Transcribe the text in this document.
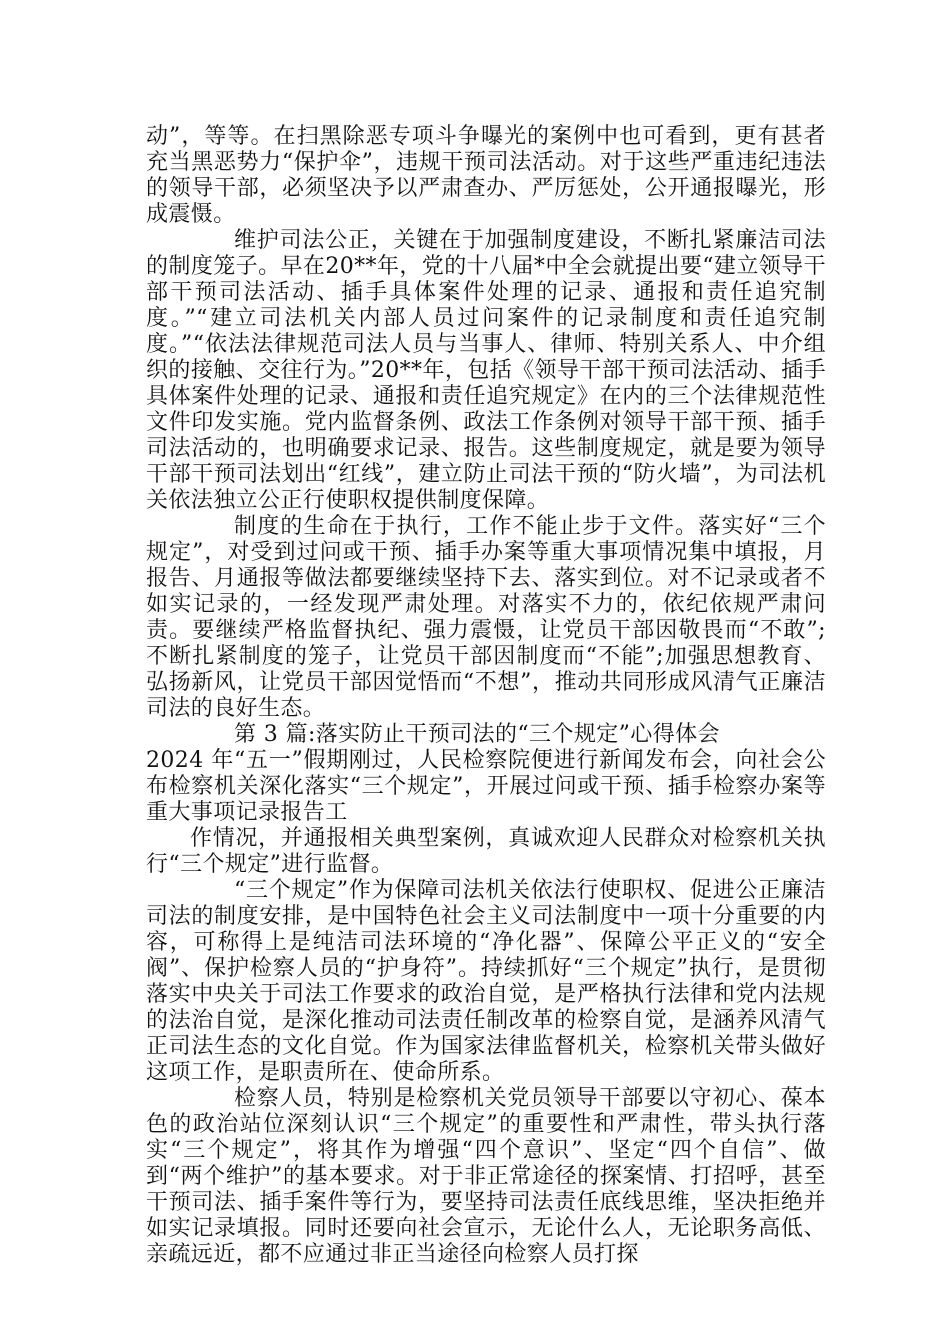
动”，等等。在扫黑除恶专项斗争曝光的案例中也可看到，更有甚者充当黑恶势力“保护伞”，违规干预司法活动。对于这些严重违纪违法的领导干部，必须坚决予以严肃查办、严厉惩处，公开通报曝光，形成震慑。

维护司法公正，关键在于加强制度建设，不断扎紧廉洁司法的制度笼子。早在20**年，党的十八届*中全会就提出要“建立领导干部干预司法活动、插手具体案件处理的记录、通报和责任追究制度。”“建立司法机关内部人员过问案件的记录制度和责任追究制度。”“依法法律规范司法人员与当事人、律师、特别关系人、中介组织的接触、交往行为。”20**年，包括《领导干部干预司法活动、插手具体案件处理的记录、通报和责任追究规定》在内的三个法律规范性文件印发实施。党内监督条例、政法工作条例对领导干部干预、插手司法活动的，也明确要求记录、报告。这些制度规定，就是要为领导干部干预司法划出“红线”，建立防止司法干预的“防火墙”，为司法机关依法独立公正行使职权提供制度保障。

制度的生命在于执行，工作不能止步于文件。落实好“三个规定”，对受到过问或干预、插手办案等重大事项情况集中填报，月报告、月通报等做法都要继续坚持下去、落实到位。对不记录或者不如实记录的，一经发现严肃处理。对落实不力的，依纪依规严肃问责。要继续严格监督执纪、强力震慑，让党员干部因敬畏而“不敢”;不断扎紧制度的笼子，让党员干部因制度而“不能”;加强思想教育、弘扬新风，让党员干部因觉悟而“不想”，推动共同形成风清气正廉洁司法的良好生态。

第 3 篇:落实防止干预司法的“三个规定”心得体会

2024 年“五一”假期刚过，人民检察院便进行新闻发布会，向社会公布检察机关深化落实“三个规定”，开展过问或干预、插手检察办案等重大事项记录报告工

作情况，并通报相关典型案例，真诚欢迎人民群众对检察机关执行“三个规定”进行监督。

“三个规定”作为保障司法机关依法行使职权、促进公正廉洁司法的制度安排，是中国特色社会主义司法制度中一项十分重要的内容，可称得上是纯洁司法环境的“净化器”、保障公平正义的“安全阀”、保护检察人员的“护身符”。持续抓好“三个规定”执行，是贯彻落实中央关于司法工作要求的政治自觉，是严格执行法律和党内法规的法治自觉，是深化推动司法责任制改革的检察自觉，是涵养风清气正司法生态的文化自觉。作为国家法律监督机关，检察机关带头做好这项工作，是职责所在、使命所系。

检察人员，特别是检察机关党员领导干部要以守初心、葆本色的政治站位深刻认识“三个规定”的重要性和严肃性，带头执行落实“三个规定”，将其作为增强“四个意识”、坚定“四个自信”、做到“两个维护”的基本要求。对于非正常途径的探案情、打招呼，甚至干预司法、插手案件等行为，要坚持司法责任底线思维，坚决拒绝并如实记录填报。同时还要向社会宣示，无论什么人，无论职务高低、亲疏远近，都不应通过非正当途径向检察人员打探
